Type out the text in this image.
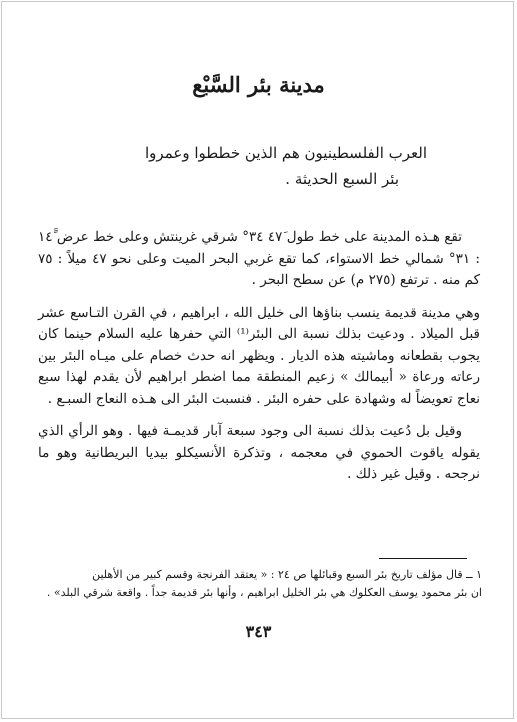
مدينة بئر السَّبْع

العرب الفلسطينيون هم الذين خططوا وعمروا

بئر السبع الحديثة .

تقع هـذه المدينة على خط طول ٤٧َ ٣٤° شرقي غرينتش وعلى خط عرض ١٤ًَ : ٣١° شمالي خط الاستواء، كما تقع غربي البحر الميت وعلى نحو ٤٧ ميلاً : ٧٥ كم منه . ترتفع (٢٧٥ م) عن سطح البحر .

وهي مدينة قديمة ينسب بناؤها الى خليل الله ، ابراهيم ، في القرن التـاسع عشر قبل الميلاد . ودعيت بذلك نسبة الى البئر⁽¹⁾ التي حفرها عليه السلام حينما كان يجوب بقطعانه وماشيته هذه الديار . ويظهر انه حدث خصام على ميـاه البئر بين رعاته ورعاة « أبيمالك » زعيم المنطقة مما اضطر ابراهيم لأن يقدم لهذا سبع نعاج تعويضاً له وشهادة على حفره البئر . فنسبت البئر الى هـذه النعاج السبـع .

وقيل بل دُعيت بذلك نسبة الى وجود سبعة آبار قديمـة فيها . وهو الرأي الذي يقوله ياقوت الحموي في معجمه ، وتذكرة الأنسيكلو بيديا البريطانية وهو ما نرجحه . وقيل غير ذلك .

١ ــ قال مؤلف تاريخ بئر السبع وقبائلها ص ٢٤ : « يعتقد الفرنجة وقسم كبير من الأهلين

ان بئر محمود يوسف العكلوك هي بئر الخليل ابراهيم ، وأنها بئر قديمة جداً . واقعة شرقي البلد» .

٣٤٣
